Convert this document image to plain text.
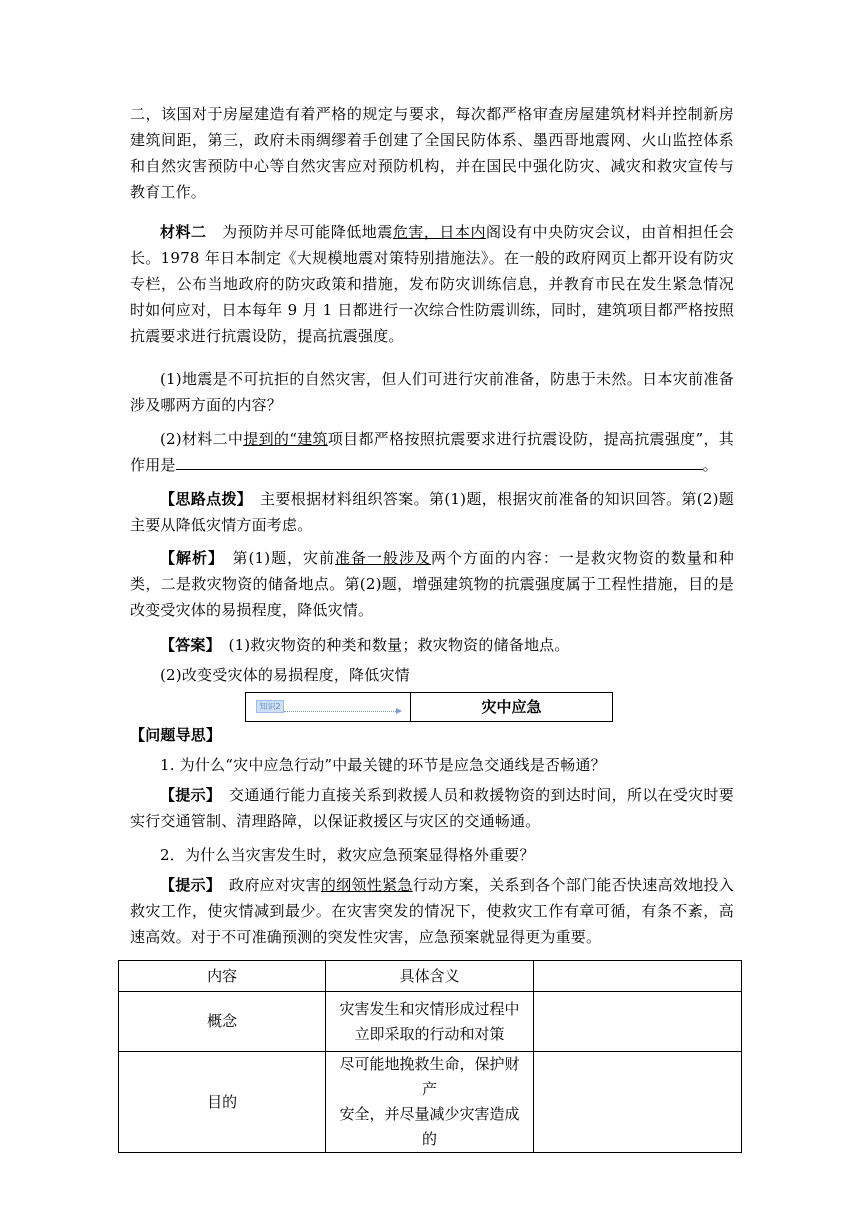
二，该国对于房屋建造有着严格的规定与要求，每次都严格审查房屋建筑材料并控制新房建筑间距，第三，政府未雨绸缪着手创建了全国民防体系、墨西哥地震网、火山监控体系和自然灾害预防中心等自然灾害应对预防机构，并在国民中强化防灾、减灾和救灾宣传与教育工作。

材料二　为预防并尽可能降低地震危害，日本内阁设有中央防灾会议，由首相担任会长。1978 年日本制定《大规模地震对策特别措施法》。在一般的政府网页上都开设有防灾专栏，公布当地政府的防灾政策和措施，发布防灾训练信息，并教育市民在发生紧急情况时如何应对，日本每年 9 月 1 日都进行一次综合性防震训练，同时，建筑项目都严格按照抗震要求进行抗震设防，提高抗震强度。

(1)地震是不可抗拒的自然灾害，但人们可进行灾前准备，防患于未然。日本灾前准备涉及哪两方面的内容？

(2)材料二中提到的“建筑项目都严格按照抗震要求进行抗震设防，提高抗震强度”，其作用是	。

【思路点拨】　主要根据材料组织答案。第(1)题，根据灾前准备的知识回答。第(2)题主要从降低灾情方面考虑。

【解析】　第(1)题，灾前准备一般涉及两个方面的内容：一是救灾物资的数量和种类，二是救灾物资的储备地点。第(2)题，增强建筑物的抗震强度属于工程性措施，目的是改变受灾体的易损程度，降低灾情。

【答案】　(1)救灾物资的种类和数量；救灾物资的储备地点。

(2)改变受灾体的易损程度，降低灾情

知识2	灾中应急

【问题导思】

1. 为什么“灾中应急行动”中最关键的环节是应急交通线是否畅通？

【提示】　交通通行能力直接关系到救援人员和救援物资的到达时间，所以在受灾时要实行交通管制、清理路障，以保证救援区与灾区的交通畅通。

2．为什么当灾害发生时，救灾应急预案显得格外重要？

【提示】　政府应对灾害的纲领性紧急行动方案，关系到各个部门能否快速高效地投入救灾工作，使灾情减到最少。在灾害突发的情况下，使救灾工作有章可循，有条不紊，高速高效。对于不可准确预测的突发性灾害，应急预案就显得更为重要。

内容	具体含义	
概念	灾害发生和灾情形成过程中
立即采取的行动和对策	

目的	尽可能地挽救生命，保护财产
安全，并尽量减少灾害造成的	
